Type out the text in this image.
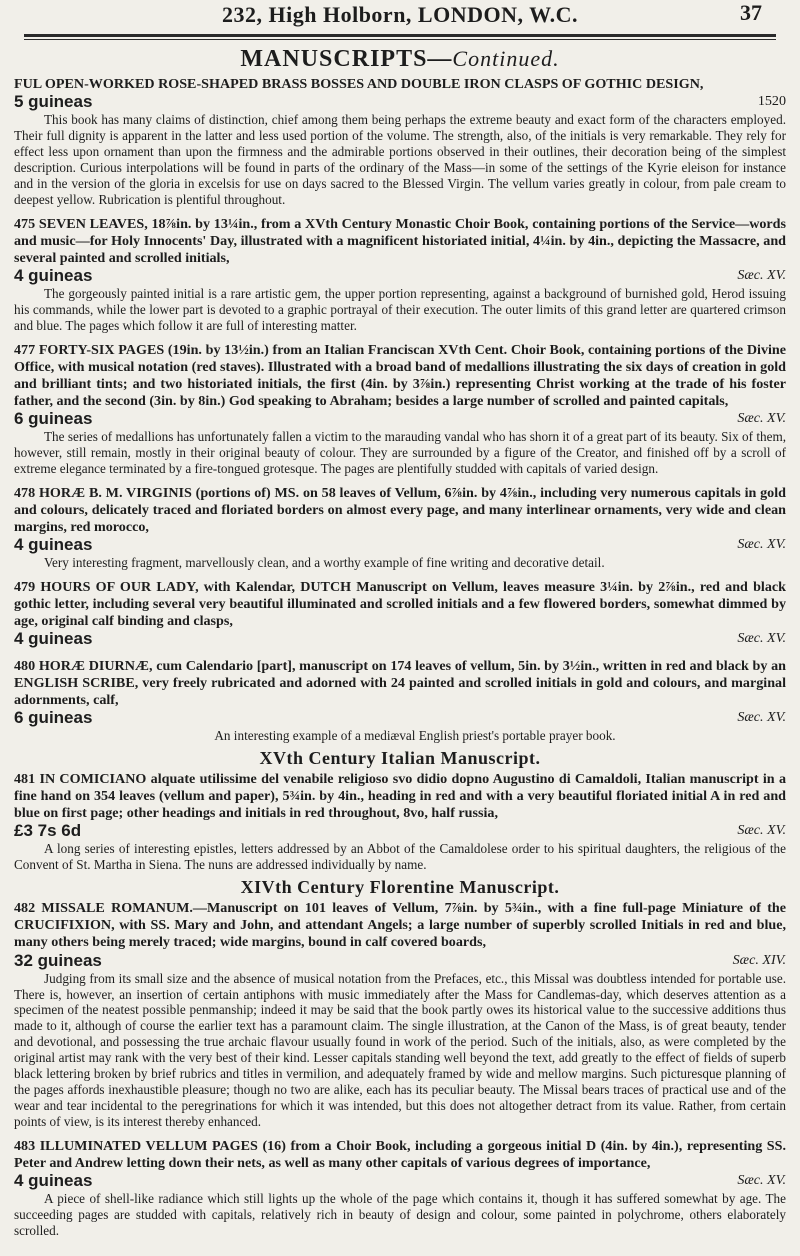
232, High Holborn, LONDON, W.C.	37
MANUSCRIPTS—Continued.

FUL OPEN-WORKED ROSE-SHAPED BRASS BOSSES AND DOUBLE IRON CLASPS OF GOTHIC DESIGN,

5 guineas	1520

This book has many claims of distinction, chief among them being perhaps the extreme beauty and exact form of the characters employed. Their full dignity is apparent in the latter and less used portion of the volume. The strength, also, of the initials is very remarkable. They rely for effect less upon ornament than upon the firmness and the admirable portions observed in their outlines, their decoration being of the simplest description. Curious interpolations will be found in parts of the ordinary of the Mass—in some of the settings of the Kyrie eleison for instance and in the version of the gloria in excelsis for use on days sacred to the Blessed Virgin. The vellum varies greatly in colour, from pale cream to deepest yellow. Rubrication is plentiful throughout.

475 SEVEN LEAVES, 18⅞in. by 13¼in., from a XVth Century Monastic Choir Book, containing portions of the Service—words and music—for Holy Innocents' Day, illustrated with a magnificent historiated initial, 4¼in. by 4in., depicting the Massacre, and several painted and scrolled initials,

4 guineas	Sæc. XV.

The gorgeously painted initial is a rare artistic gem, the upper portion representing, against a background of burnished gold, Herod issuing his commands, while the lower part is devoted to a graphic portrayal of their execution. The outer limits of this grand letter are quartered crimson and blue. The pages which follow it are full of interesting matter.

477 FORTY-SIX PAGES (19in. by 13½in.) from an Italian Franciscan XVth Cent. Choir Book, containing portions of the Divine Office, with musical notation (red staves). Illustrated with a broad band of medallions illustrating the six days of creation in gold and brilliant tints; and two historiated initials, the first (4in. by 3⅞in.) representing Christ working at the trade of his foster father, and the second (3in. by 8in.) God speaking to Abraham; besides a large number of scrolled and painted capitals,

6 guineas	Sæc. XV.

The series of medallions has unfortunately fallen a victim to the marauding vandal who has shorn it of a great part of its beauty. Six of them, however, still remain, mostly in their original beauty of colour. They are surrounded by a figure of the Creator, and finished off by a scroll of extreme elegance terminated by a fire-tongued grotesque. The pages are plentifully studded with capitals of varied design.

478 HORÆ B. M. VIRGINIS (portions of) MS. on 58 leaves of Vellum, 6⅞in. by 4⅞in., including very numerous capitals in gold and colours, delicately traced and floriated borders on almost every page, and many interlinear ornaments, very wide and clean margins, red morocco,

4 guineas	Sæc. XV.

Very interesting fragment, marvellously clean, and a worthy example of fine writing and decorative detail.

479 HOURS OF OUR LADY, with Kalendar, DUTCH Manuscript on Vellum, leaves measure 3¼in. by 2⅞in., red and black gothic letter, including several very beautiful illuminated and scrolled initials and a few flowered borders, somewhat dimmed by age, original calf binding and clasps,

4 guineas	Sæc. XV.

480 HORÆ DIURNÆ, cum Calendario [part], manuscript on 174 leaves of vellum, 5in. by 3½in., written in red and black by an ENGLISH SCRIBE, very freely rubricated and adorned with 24 painted and scrolled initials in gold and colours, and marginal adornments, calf,

6 guineas	Sæc. XV.

An interesting example of a mediæval English priest's portable prayer book.

XVth Century Italian Manuscript.

481 IN COMICIANO alquate utilissime del venabile religioso svo didio dopno Augustino di Camaldoli, Italian manuscript in a fine hand on 354 leaves (vellum and paper), 5¾in. by 4in., heading in red and with a very beautiful floriated initial A in red and blue on first page; other headings and initials in red throughout, 8vo, half russia,

£3 7s 6d	Sæc. XV.

A long series of interesting epistles, letters addressed by an Abbot of the Camaldolese order to his spiritual daughters, the religious of the Convent of St. Martha in Siena. The nuns are addressed individually by name.

XIVth Century Florentine Manuscript.

482 MISSALE ROMANUM.—Manuscript on 101 leaves of Vellum, 7⅞in. by 5¾in., with a fine full-page Miniature of the CRUCIFIXION, with SS. Mary and John, and attendant Angels; a large number of superbly scrolled Initials in red and blue, many others being merely traced; wide margins, bound in calf covered boards,

32 guineas	Sæc. XIV.

Judging from its small size and the absence of musical notation from the Prefaces, etc., this Missal was doubtless intended for portable use. There is, however, an insertion of certain antiphons with music immediately after the Mass for Candlemas-day, which deserves attention as a specimen of the neatest possible penmanship; indeed it may be said that the book partly owes its historical value to the successive additions thus made to it, although of course the earlier text has a paramount claim. The single illustration, at the Canon of the Mass, is of great beauty, tender and devotional, and possessing the true archaic flavour usually found in work of the period. Such of the initials, also, as were completed by the original artist may rank with the very best of their kind. Lesser capitals standing well beyond the text, add greatly to the effect of fields of superb black lettering broken by brief rubrics and titles in vermilion, and adequately framed by wide and mellow margins. Such picturesque planning of the pages affords inexhaustible pleasure; though no two are alike, each has its peculiar beauty. The Missal bears traces of practical use and of the wear and tear incidental to the peregrinations for which it was intended, but this does not altogether detract from its value. Rather, from certain points of view, is its interest thereby enhanced.

483 ILLUMINATED VELLUM PAGES (16) from a Choir Book, including a gorgeous initial D (4in. by 4in.), representing SS. Peter and Andrew letting down their nets, as well as many other capitals of various degrees of importance,

4 guineas	Sæc. XV.

A piece of shell-like radiance which still lights up the whole of the page which contains it, though it has suffered somewhat by age. The succeeding pages are studded with capitals, relatively rich in beauty of design and colour, some painted in polychrome, others elaborately scrolled.
